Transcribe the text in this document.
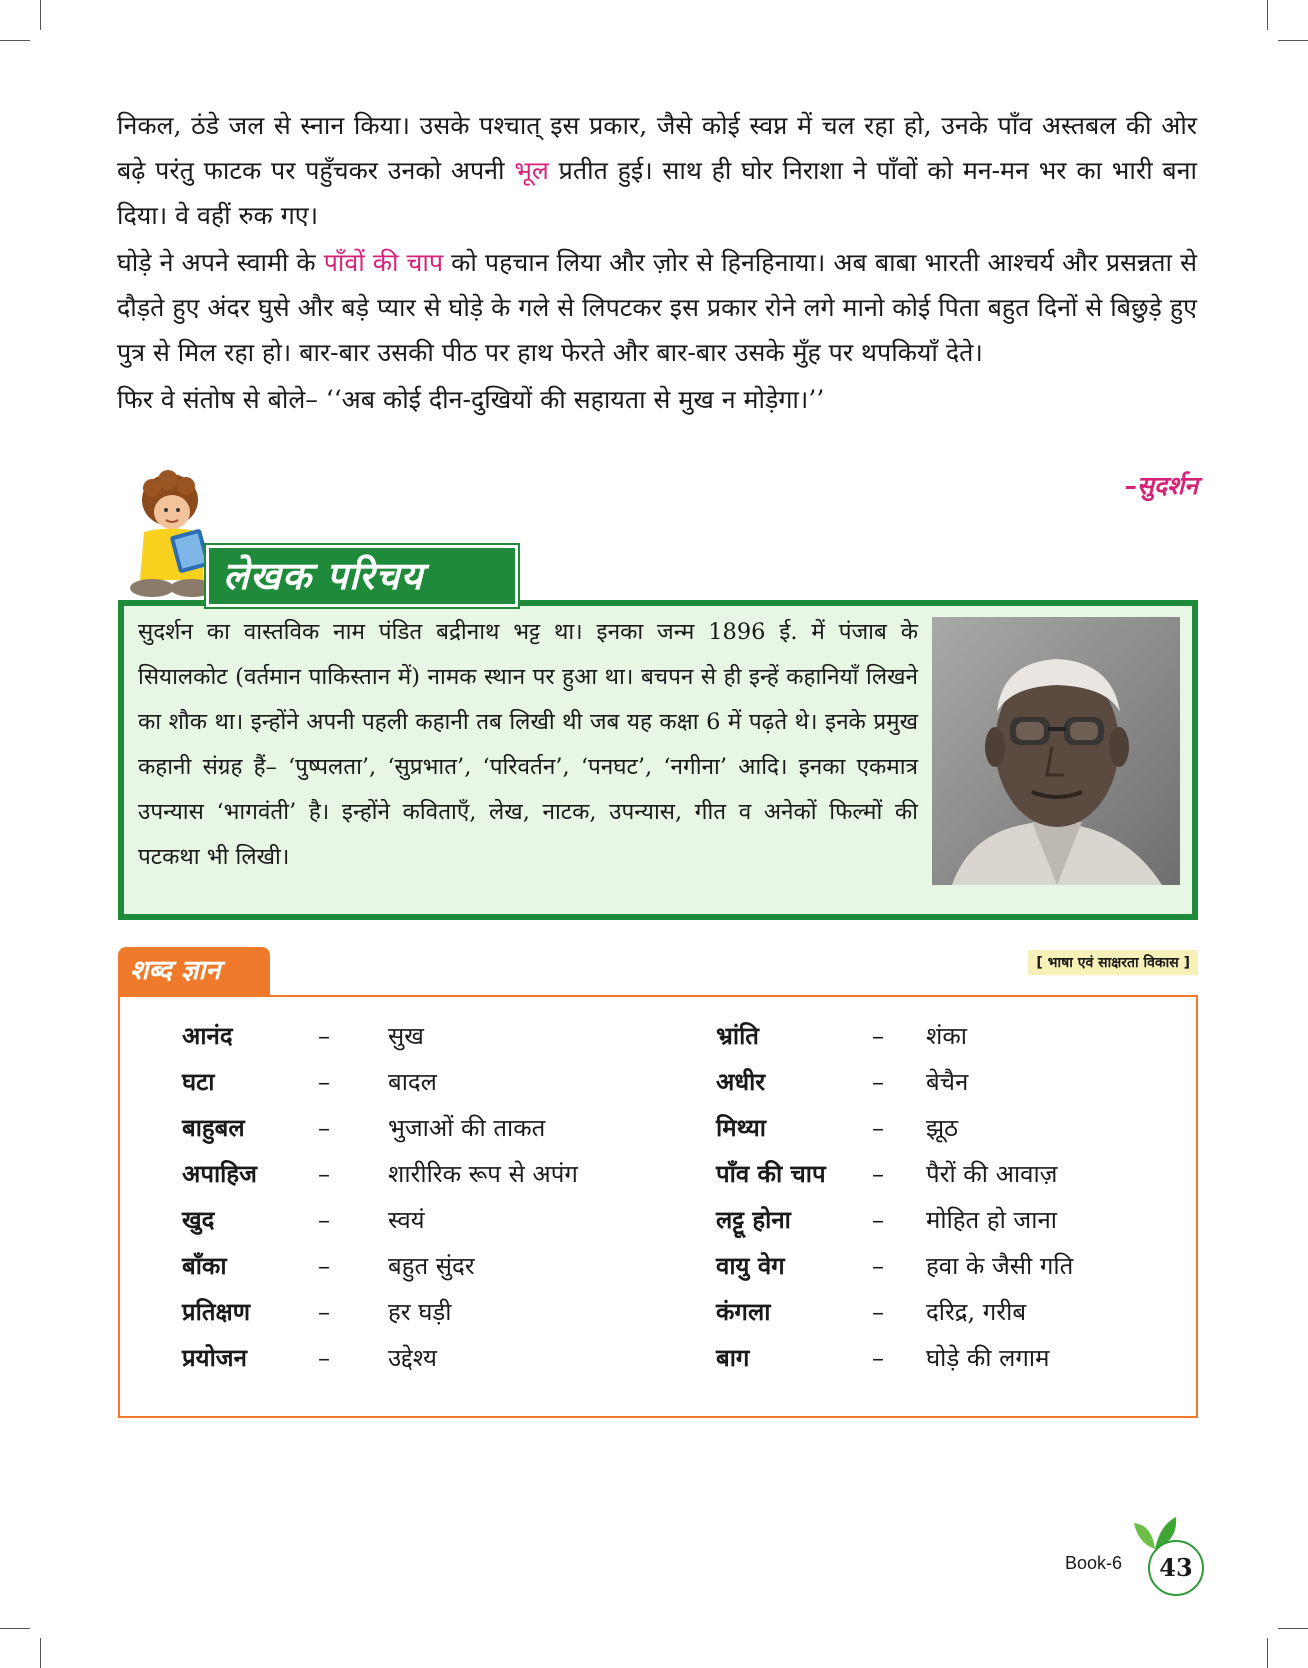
निकल, ठंडे जल से स्नान किया। उसके पश्चात् इस प्रकार, जैसे कोई स्वप्न में चल रहा हो, उनके पाँव अस्तबल की ओर बढ़े परंतु फाटक पर पहुँचकर उनको अपनी भूल प्रतीत हुई। साथ ही घोर निराशा ने पाँवों को मन-मन भर का भारी बना दिया। वे वहीं रुक गए।

घोड़े ने अपने स्वामी के पाँवों की चाप को पहचान लिया और ज़ोर से हिनहिनाया। अब बाबा भारती आश्चर्य और प्रसन्नता से दौड़ते हुए अंदर घुसे और बड़े प्यार से घोड़े के गले से लिपटकर इस प्रकार रोने लगे मानो कोई पिता बहुत दिनों से बिछुड़े हुए पुत्र से मिल रहा हो। बार-बार उसकी पीठ पर हाथ फेरते और बार-बार उसके मुँह पर थपकियाँ देते।

फिर वे संतोष से बोले– ‘‘अब कोई दीन-दुखियों की सहायता से मुख न मोड़ेगा।’’

–सुदर्शन
लेखक परिचय
सुदर्शन का वास्तविक नाम पंडित बद्रीनाथ भट्ट था। इनका जन्म 1896 ई. में पंजाब के सियालकोट (वर्तमान पाकिस्तान में) नामक स्थान पर हुआ था। बचपन से ही इन्हें कहानियाँ लिखने का शौक था। इन्होंने अपनी पहली कहानी तब लिखी थी जब यह कक्षा 6 में पढ़ते थे। इनके प्रमुख कहानी संग्रह हैं– ‘पुष्पलता’, ‘सुप्रभात’, ‘परिवर्तन’, ‘पनघट’, ‘नगीना’ आदि। इनका एकमात्र उपन्यास ‘भागवंती’ है। इन्होंने कविताएँ, लेख, नाटक, उपन्यास, गीत व अनेकों फिल्मों की पटकथा भी लिखी।
शब्द ज्ञान	[ भाषा एवं साक्षरता विकास ]
आनंद	– सुख
घटा	– बादल
बाहुबल	– भुजाओं की ताकत
अपाहिज	– शारीरिक रूप से अपंग
खुद	– स्वयं
बाँका	– बहुत सुंदर
प्रतिक्षण	– हर घड़ी
प्रयोजन	– उद्देश्य
भ्रांति	– शंका
अधीर	– बेचैन
मिथ्या	– झूठ
पाँव की चाप – पैरों की आवाज़
लट्टू होना	– मोहित हो जाना
वायु वेग	– हवा के जैसी गति
कंगला	– दरिद्र, गरीब
बाग	– घोड़े की लगाम
Book-6	43
